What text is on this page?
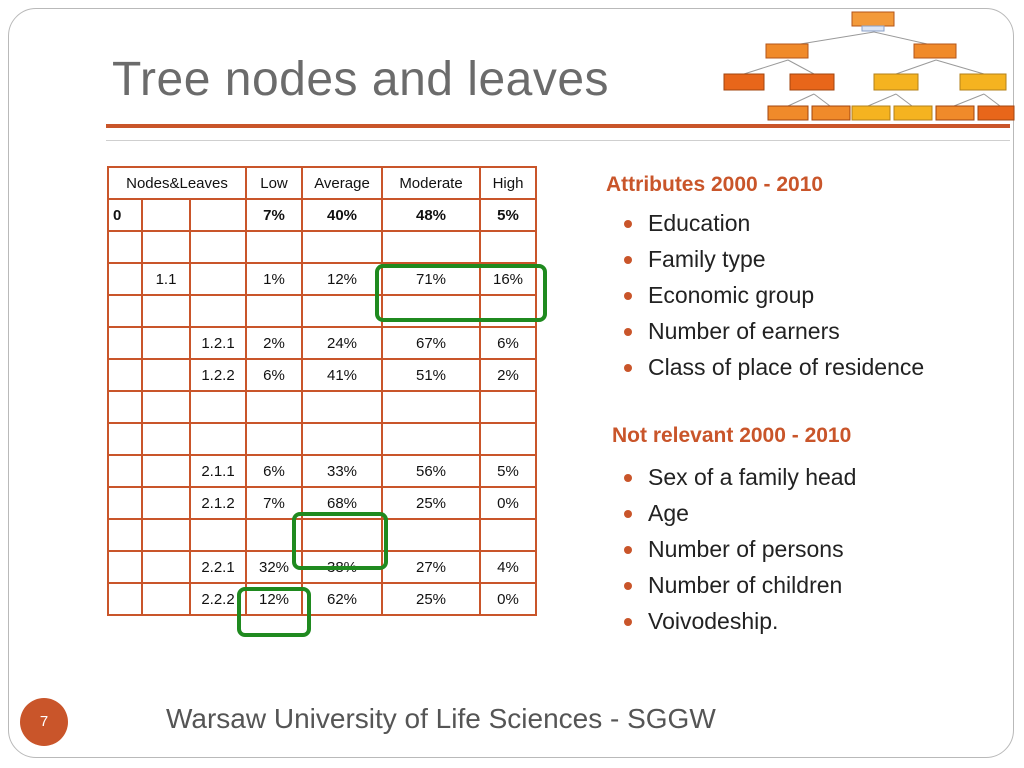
Tree nodes and leaves
Nodes&Leaves			Low	Average	Moderate	High
0			7%	40%	48%	5%

	1.1		1%	12%	71%	16%

		1.2.1	2%	24%	67%	6%
		1.2.2	6%	41%	51%	2%

		2.1.1	6%	33%	56%	5%
		2.1.2	7%	68%	25%	0%

		2.2.1	32%	38%	27%	4%
		2.2.2	12%	62%	25%	0%
Attributes 2000 - 2010
Education
Family type
Economic group
Number of earners
Class of place of residence
Not relevant 2000 - 2010
Sex of a family head
Age
Number of persons
Number of children
Voivodeship.
7	Warsaw University of Life Sciences - SGGW
